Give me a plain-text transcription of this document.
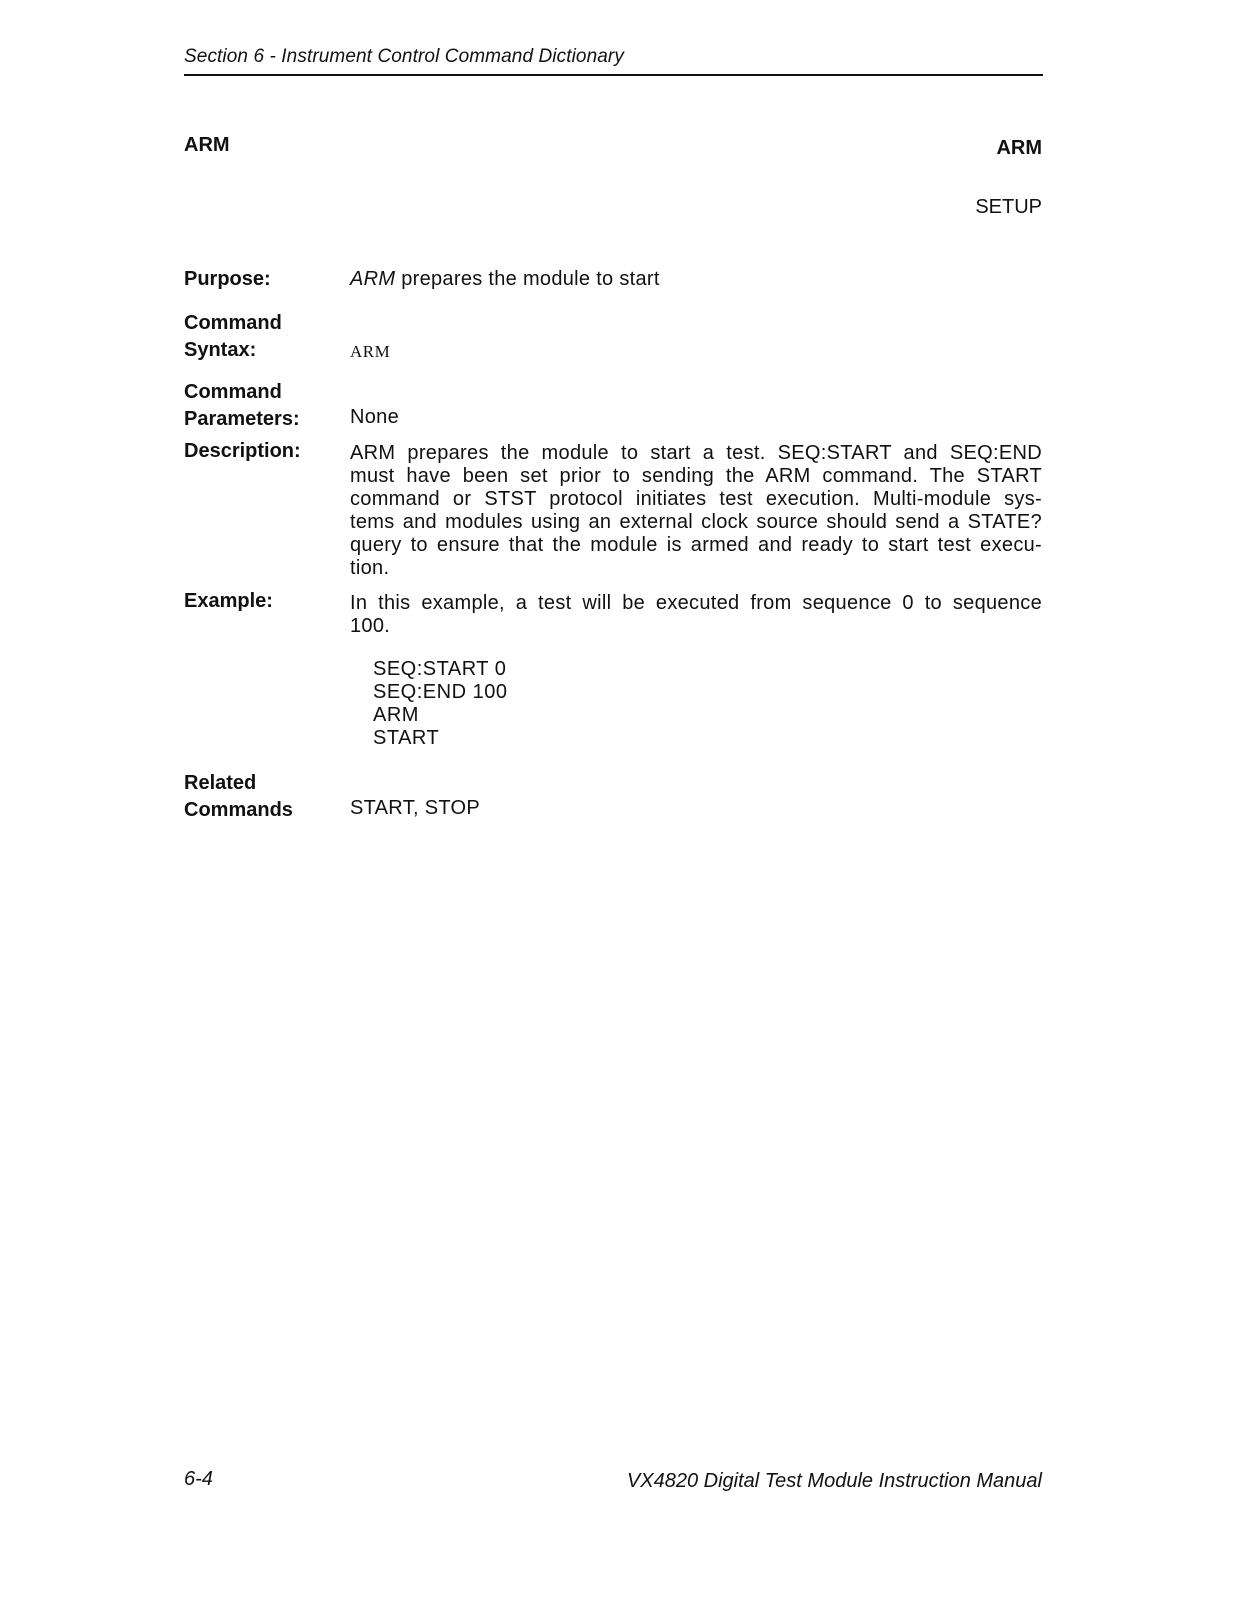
Section 6 - Instrument Control Command Dictionary
ARM	ARM
SETUP
Purpose:	ARM prepares the module to start
Command
Syntax:	ARM
Command
Parameters:	None
Description: ARM prepares the module to start a test. SEQ:START and SEQ:END
must have been set prior to sending the ARM command. The START
command or STST protocol initiates test execution. Multi-module sys-
tems and modules using an external clock source should send a STATE?
query to ensure that the module is armed and ready to start test execu-
tion.
Example:	In this example, a test will be executed from sequence 0 to sequence
100.
SEQ:START 0
SEQ:END 100
ARM
START
Related
Commands	START, STOP
6-4	VX4820 Digital Test Module Instruction Manual
